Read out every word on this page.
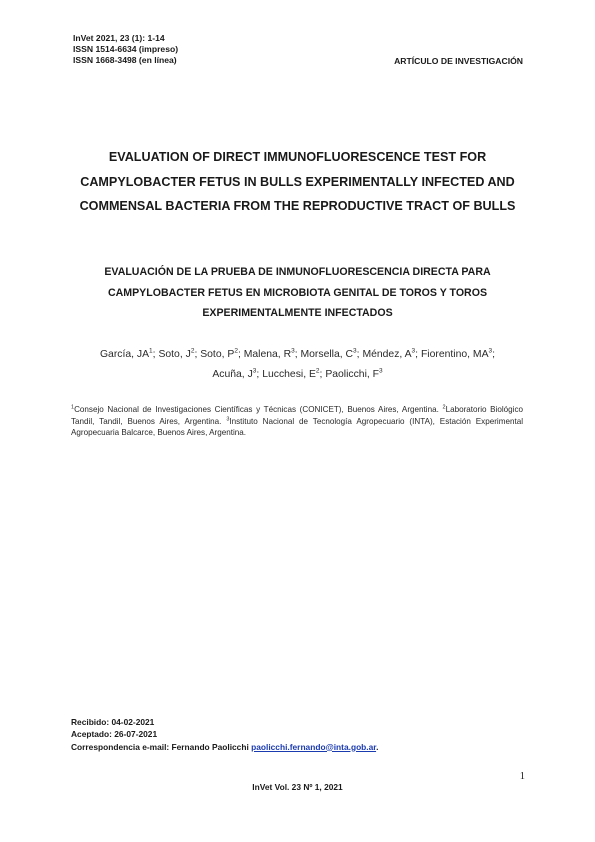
InVet 2021, 23 (1): 1-14
ISSN 1514-6634 (impreso)
ISSN 1668-3498 (en línea)	ARTÍCULO DE INVESTIGACIÓN
EVALUATION OF DIRECT IMMUNOFLUORESCENCE TEST FOR CAMPYLOBACTER FETUS IN BULLS EXPERIMENTALLY INFECTED AND COMMENSAL BACTERIA FROM THE REPRODUCTIVE TRACT OF BULLS
EVALUACIÓN DE LA PRUEBA DE INMUNOFLUORESCENCIA DIRECTA PARA CAMPYLOBACTER FETUS EN MICROBIOTA GENITAL DE TOROS Y TOROS EXPERIMENTALMENTE INFECTADOS
García, $JA^1$; Soto, $J^2$; Soto, $P^2$; Malena, $R^3$; Morsella, $C^3$; Méndez, $A^3$; Fiorentino, $MA^3$;
Acuña, $J^3$; Lucchesi, $E^2$; Paolicchi, $F^3$
$^1$Consejo Nacional de Investigaciones Científicas y Técnicas (CONICET), Buenos Aires, Argentina. $^2$Laboratorio Biológico Tandil, Tandil, Buenos Aires, Argentina. $^3$Instituto Nacional de Tecnología Agropecuario (INTA), Estación Experimental Agropecuaria Balcarce, Buenos Aires, Argentina.
Recibido: 04-02-2021
Aceptado: 26-07-2021
Correspondencia e-mail: Fernando Paolicchi paolicchi.fernando@inta.gob.ar.
1
InVet Vol. 23 Nº 1, 2021
